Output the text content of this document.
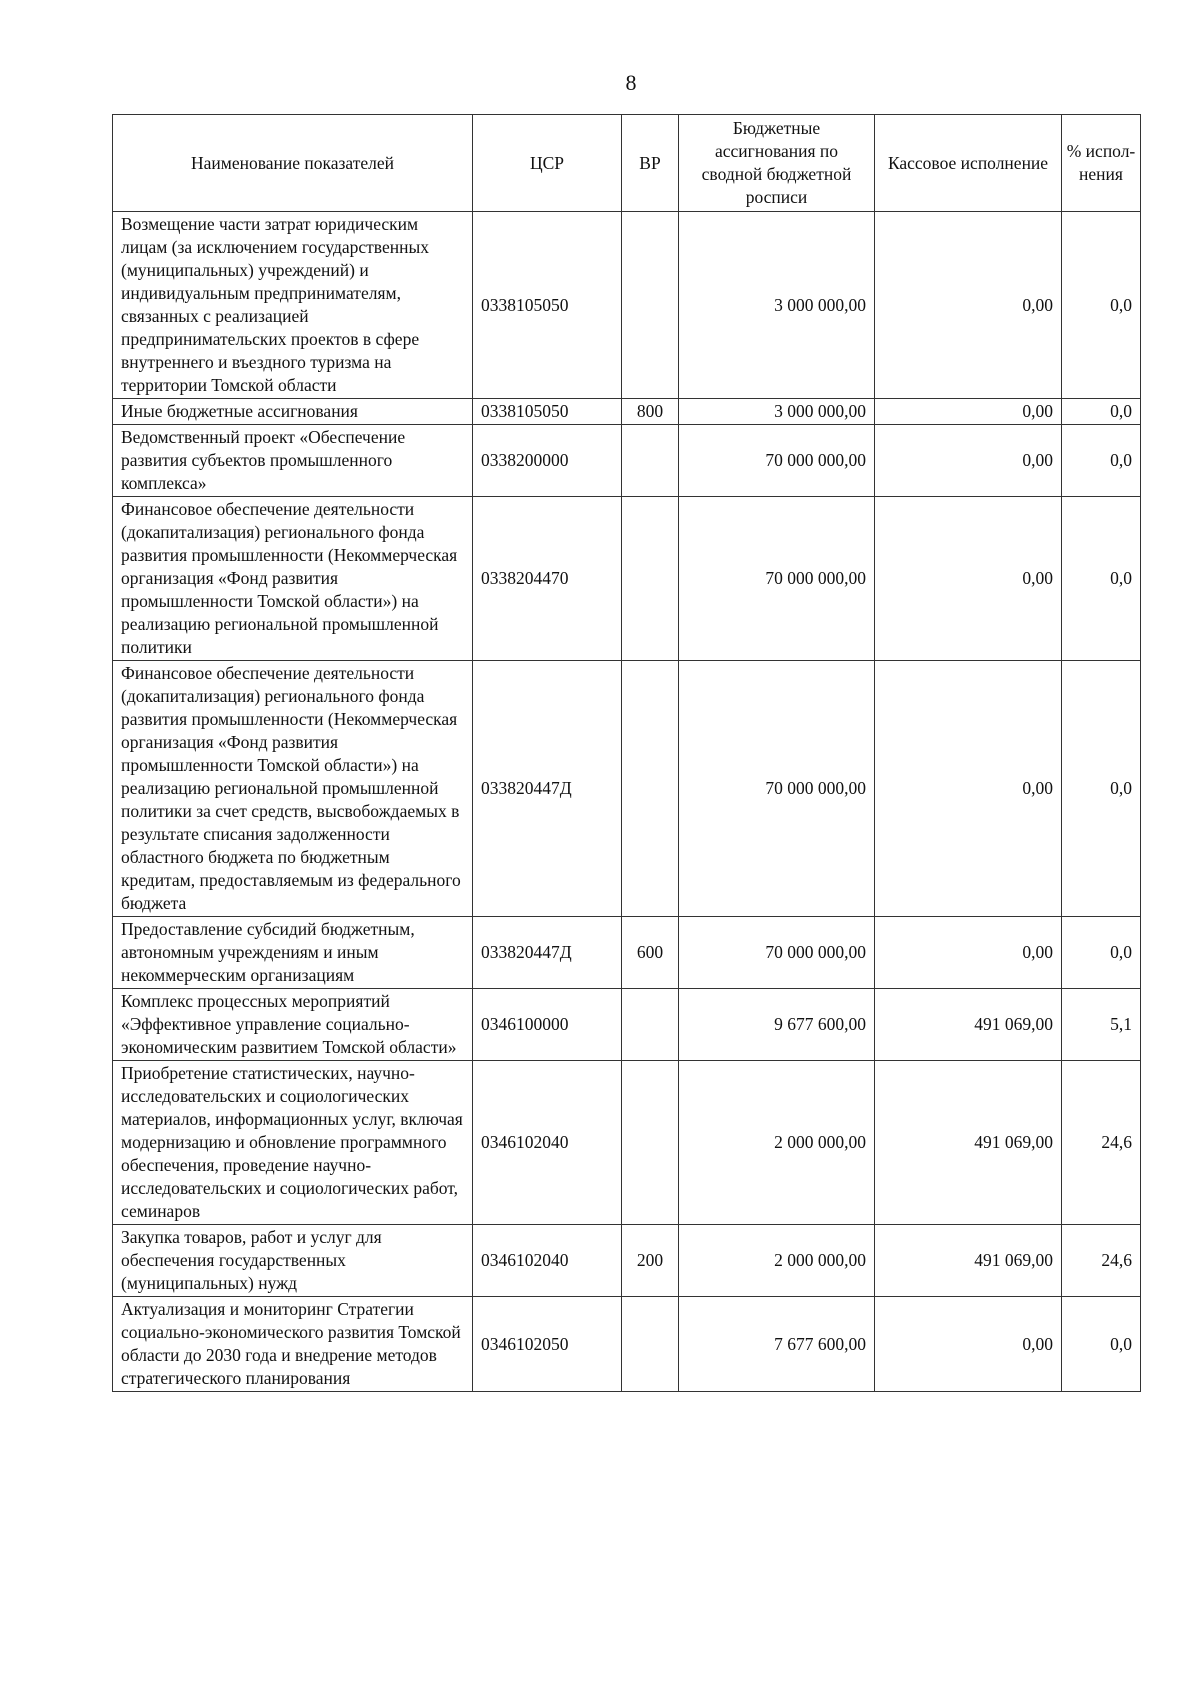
8
Наименование показателей	ЦСР	ВР	Бюджетные ассигнования по сводной бюджетной росписи	Кассовое исполнение	% испол-нения
Возмещение части затрат юридическим лицам (за исключением государственных (муниципальных) учреждений) и индивидуальным предпринимателям, связанных с реализацией предпринимательских проектов в сфере внутреннего и въездного туризма на территории Томской области	0338105050		3 000 000,00	0,00	0,0
Иные бюджетные ассигнования	0338105050	800	3 000 000,00	0,00	0,0
Ведомственный проект «Обеспечение развития субъектов промышленного комплекса»	0338200000		70 000 000,00	0,00	0,0
Финансовое обеспечение деятельности (докапитализация) регионального фонда развития промышленности (Некоммерческая организация «Фонд развития промышленности Томской области») на реализацию региональной промышленной политики	0338204470		70 000 000,00	0,00	0,0
Финансовое обеспечение деятельности (докапитализация) регионального фонда развития промышленности (Некоммерческая организация «Фонд развития промышленности Томской области») на реализацию региональной промышленной политики за счет средств, высвобождаемых в результате списания задолженности областного бюджета по бюджетным кредитам, предоставляемым из федерального бюджета	033820447Д		70 000 000,00	0,00	0,0
Предоставление субсидий бюджетным, автономным учреждениям и иным некоммерческим организациям	033820447Д	600	70 000 000,00	0,00	0,0
Комплекс процессных мероприятий «Эффективное управление социально-экономическим развитием Томской области»	0346100000		9 677 600,00	491 069,00	5,1
Приобретение статистических, научно-исследовательских и социологических материалов, информационных услуг, включая модернизацию и обновление программного обеспечения, проведение научно-исследовательских и социологических работ, семинаров	0346102040		2 000 000,00	491 069,00	24,6
Закупка товаров, работ и услуг для обеспечения государственных (муниципальных) нужд	0346102040	200	2 000 000,00	491 069,00	24,6
Актуализация и мониторинг Стратегии социально-экономического развития Томской области до 2030 года и внедрение методов стратегического планирования	0346102050		7 677 600,00	0,00	0,0
